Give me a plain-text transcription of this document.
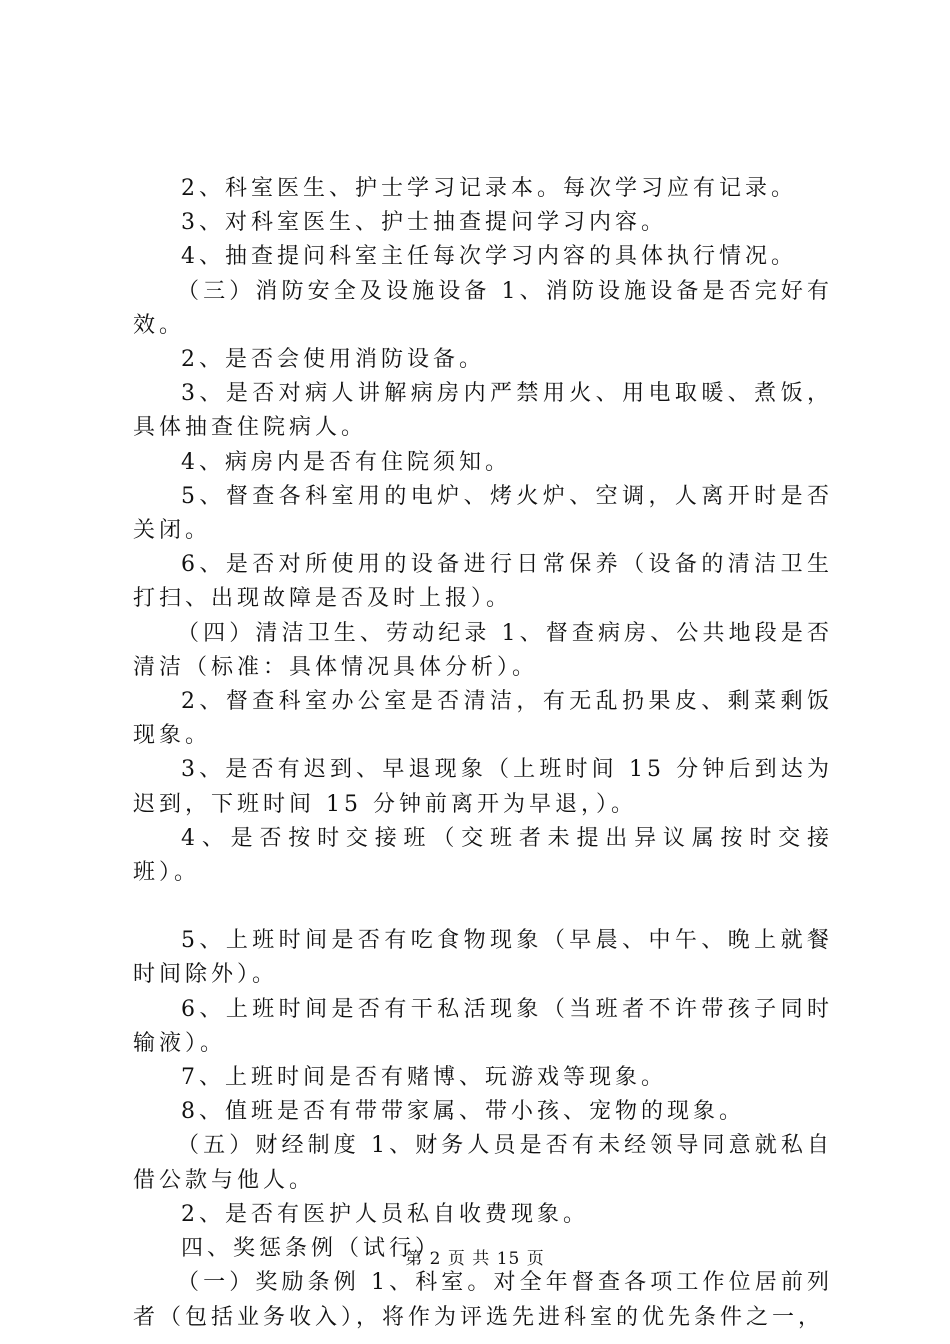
2、科室医生、护士学习记录本。每次学习应有记录。

3、对科室医生、护士抽查提问学习内容。

4、抽查提问科室主任每次学习内容的具体执行情况。

（三）消防安全及设施设备 1、消防设施设备是否完好有效。

2、是否会使用消防设备。

3、是否对病人讲解病房内严禁用火、用电取暖、煮饭，具体抽查住院病人。

4、病房内是否有住院须知。

5、督查各科室用的电炉、烤火炉、空调，人离开时是否关闭。

6、是否对所使用的设备进行日常保养（设备的清洁卫生打扫、出现故障是否及时上报）。

（四）清洁卫生、劳动纪录 1、督查病房、公共地段是否清洁（标准：具体情况具体分析）。

2、督查科室办公室是否清洁，有无乱扔果皮、剩菜剩饭现象。

3、是否有迟到、早退现象（上班时间 15 分钟后到达为迟到，下班时间 15 分钟前离开为早退，）。

4、是否按时交接班（交班者未提出异议属按时交接班）。

5、上班时间是否有吃食物现象（早晨、中午、晚上就餐时间除外）。

6、上班时间是否有干私活现象（当班者不许带孩子同时输液）。

7、上班时间是否有赌博、玩游戏等现象。

8、值班是否有带带家属、带小孩、宠物的现象。

（五）财经制度 1、财务人员是否有未经领导同意就私自借公款与他人。

2、是否有医护人员私自收费现象。

四、奖惩条例（试行）

（一）奖励条例 1、科室。对全年督查各项工作位居前列者（包括业务收入），将作为评选先进科室的优先条件之一，

第 2 页 共 15 页
